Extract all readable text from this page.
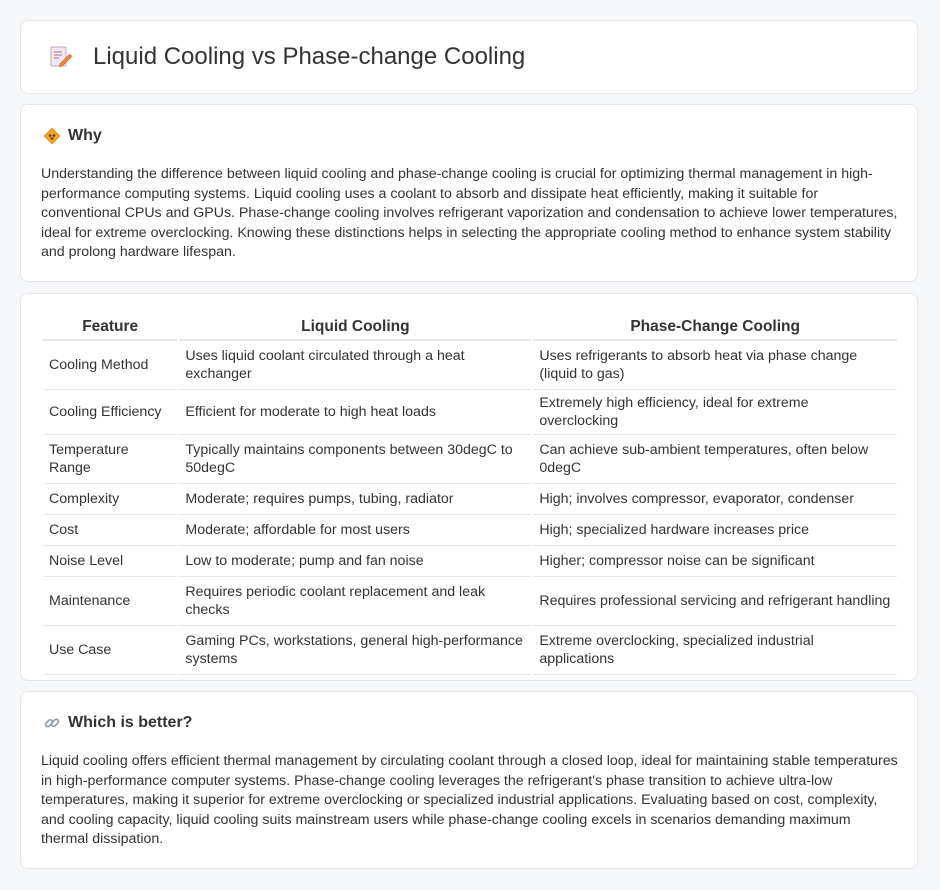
Liquid Cooling vs Phase-change Cooling
Why

Understanding the difference between liquid cooling and phase-change cooling is crucial for optimizing thermal management in high-performance computing systems. Liquid cooling uses a coolant to absorb and dissipate heat efficiently, making it suitable for conventional CPUs and GPUs. Phase-change cooling involves refrigerant vaporization and condensation to achieve lower temperatures, ideal for extreme overclocking. Knowing these distinctions helps in selecting the appropriate cooling method to enhance system stability and prolong hardware lifespan.

Feature	Liquid Cooling	Phase-Change Cooling
Cooling Method	Uses liquid coolant circulated through a heat exchanger	Uses refrigerants to absorb heat via phase change (liquid to gas)
Cooling Efficiency	Efficient for moderate to high heat loads	Extremely high efficiency, ideal for extreme overclocking
Temperature Range	Typically maintains components between 30degC to 50degC	Can achieve sub-ambient temperatures, often below 0degC
Complexity	Moderate; requires pumps, tubing, radiator	High; involves compressor, evaporator, condenser
Cost	Moderate; affordable for most users	High; specialized hardware increases price
Noise Level	Low to moderate; pump and fan noise	Higher; compressor noise can be significant
Maintenance	Requires periodic coolant replacement and leak checks	Requires professional servicing and refrigerant handling
Use Case	Gaming PCs, workstations, general high-performance systems	Extreme overclocking, specialized industrial applications
Which is better?

Liquid cooling offers efficient thermal management by circulating coolant through a closed loop, ideal for maintaining stable temperatures in high-performance computer systems. Phase-change cooling leverages the refrigerant's phase transition to achieve ultra-low temperatures, making it superior for extreme overclocking or specialized industrial applications. Evaluating based on cost, complexity, and cooling capacity, liquid cooling suits mainstream users while phase-change cooling excels in scenarios demanding maximum thermal dissipation.
